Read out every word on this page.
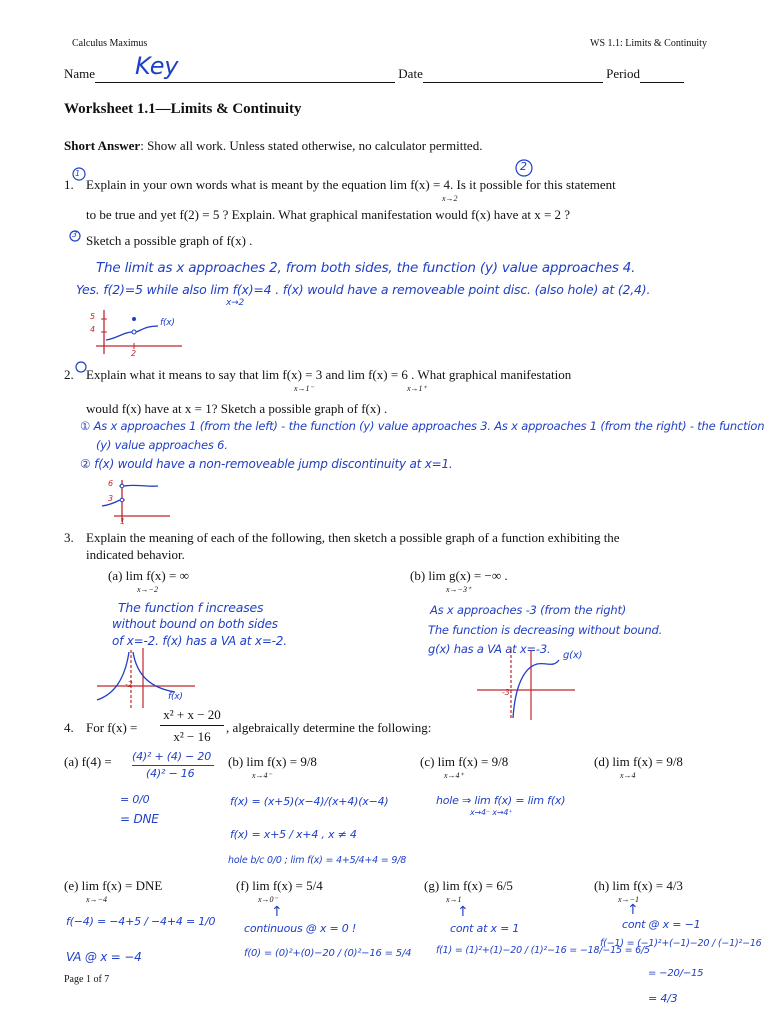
Calculus Maximus	WS 1.1: Limits & Continuity
Name Key	Date	Period
Worksheet 1.1—Limits & Continuity
Short Answer: Show all work. Unless stated otherwise, no calculator permitted.
1. Explain in your own words what is meant by the equation lim f(x) = 4. Is it possible for this statement
x→2
to be true and yet f(2) = 5 ? Explain. What graphical manifestation would f(x) have at x = 2 ?
Sketch a possible graph of f(x) .
1
2
3
The limit as x approaches 2, from both sides, the function (y) value approaches 4.
Yes. f(2)=5 while also lim f(x)=4 . f(x) would have a removeable point disc. (also hole) at (2,4).
x→2
5
4
2
f(x)
2. Explain what it means to say that lim f(x) = 3 and lim f(x) = 6 . What graphical manifestation
x→1⁻	x→1⁺
would f(x) have at x = 1? Sketch a possible graph of f(x) .
① As x approaches 1 (from the left) - the function (y) value approaches 3. As x approaches 1 (from the right) - the function
(y) value approaches 6.
② f(x) would have a non-removeable jump discontinuity at x=1.
6
3
1
3. Explain the meaning of each of the following, then sketch a possible graph of a function exhibiting the
indicated behavior.
(a) lim f(x) = ∞
x→−2
(b) lim g(x) = −∞ .
x→−3⁺
The function f increases
without bound on both sides
of x=-2. f(x) has a VA at x=-2.
As x approaches -3 (from the right)
The function is decreasing without bound.
g(x) has a VA at x=-3.
-2
f(x)	-3
g(x)
4. For f(x) =
x² + x − 20
x² − 16
, algebraically determine the following:
(a) f(4) = (4)² + (4) − 20
(4)² − 16
= 0/0
= DNE
(b) lim f(x) = 9/8
x→4⁻
f(x) = (x+5)(x−4)/(x+4)(x−4)
f(x) = x+5 / x+4 , x ≠ 4
hole b/c 0/0 ; lim f(x) = 4+5/4+4 = 9/8
(c) lim f(x) = 9/8
x→4⁺
hole ⇒ lim f(x) = lim f(x)
x→4⁻ x→4⁺
(d) lim f(x) = 9/8
x→4
(e) lim f(x) = DNE
x→−4
f(−4) = −4+5 / −4+4 = 1/0
VA @ x = −4
(f) lim f(x) = 5/4
x→0⁻
↑
continuous @ x = 0 !
f(0) = (0)²+(0)−20 / (0)²−16 = 5/4
(g) lim f(x) = 6/5
x→1
↑
cont at x = 1
f(1) = (1)²+(1)−20 / (1)²−16 = −18/−15 = 6/5
(h) lim f(x) = 4/3
x→−1
↑
cont @ x = −1
f(−1) = (−1)²+(−1)−20 / (−1)²−16
= −20/−15
= 4/3
Page 1 of 7
